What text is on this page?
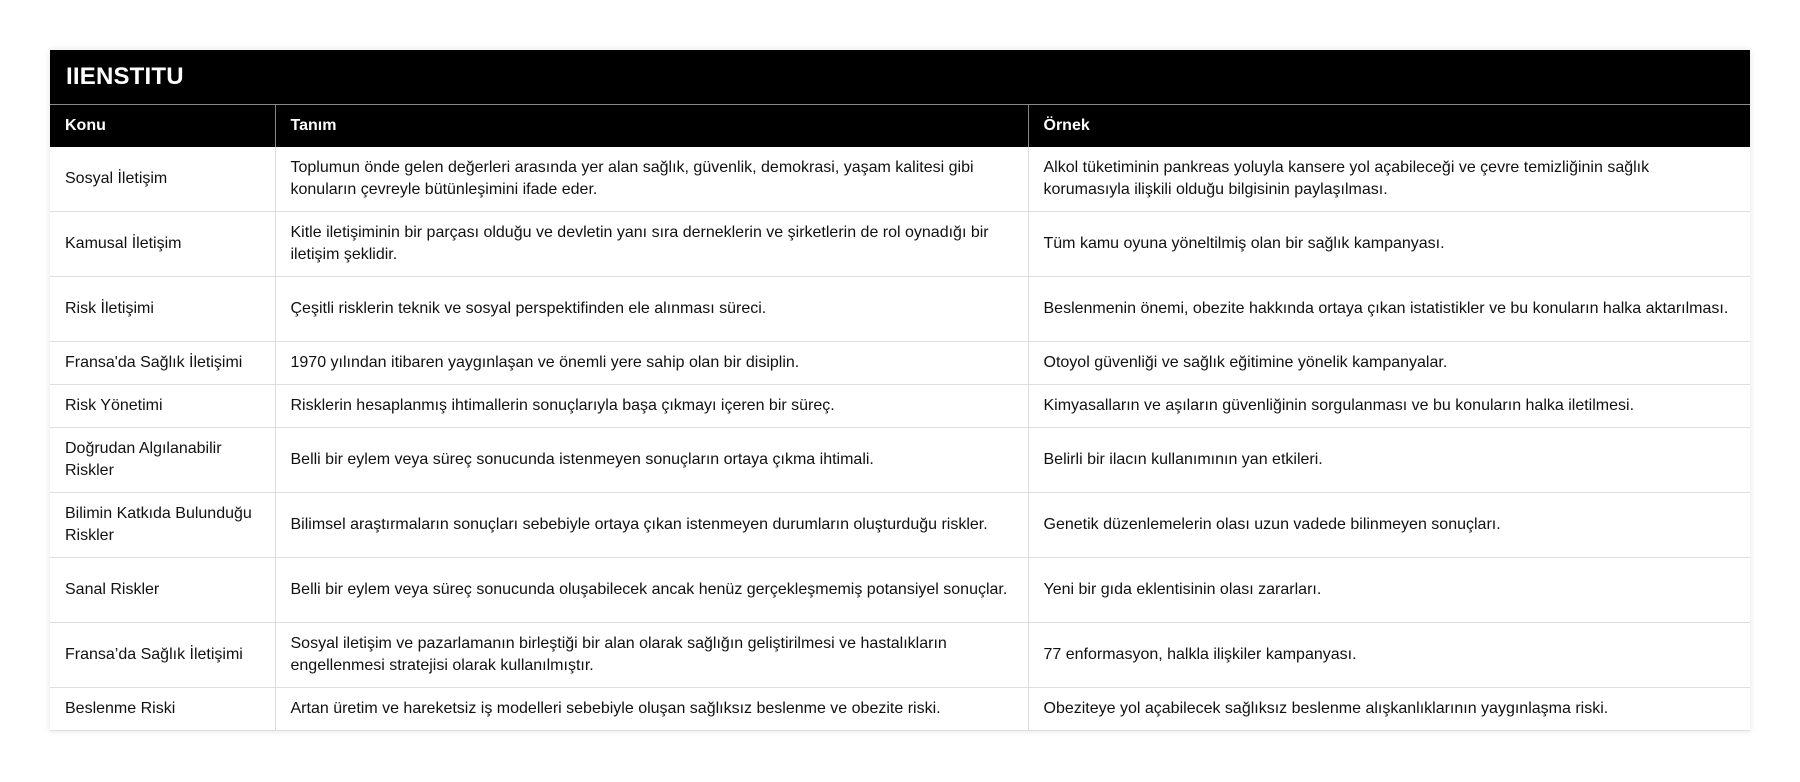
IIENSTITU
Konu	Tanım	Örnek
Sosyal İletişim	Toplumun önde gelen değerleri arasında yer alan sağlık, güvenlik, demokrasi, yaşam kalitesi gibi konuların çevreyle bütünleşimini ifade eder.	Alkol tüketiminin pankreas yoluyla kansere yol açabileceği ve çevre temizliğinin sağlık korumasıyla ilişkili olduğu bilgisinin paylaşılması.
Kamusal İletişim	Kitle iletişiminin bir parçası olduğu ve devletin yanı sıra derneklerin ve şirketlerin de rol oynadığı bir iletişim şeklidir.	Tüm kamu oyuna yöneltilmiş olan bir sağlık kampanyası.
Risk İletişimi	Çeşitli risklerin teknik ve sosyal perspektifinden ele alınması süreci.	Beslenmenin önemi, obezite hakkında ortaya çıkan istatistikler ve bu konuların halka aktarılması.
Fransa'da Sağlık İletişimi	1970 yılından itibaren yaygınlaşan ve önemli yere sahip olan bir disiplin.	Otoyol güvenliği ve sağlık eğitimine yönelik kampanyalar.
Risk Yönetimi	Risklerin hesaplanmış ihtimallerin sonuçlarıyla başa çıkmayı içeren bir süreç.	Kimyasalların ve aşıların güvenliğinin sorgulanması ve bu konuların halka iletilmesi.
Doğrudan Algılanabilir Riskler	Belli bir eylem veya süreç sonucunda istenmeyen sonuçların ortaya çıkma ihtimali.	Belirli bir ilacın kullanımının yan etkileri.
Bilimin Katkıda Bulunduğu Riskler	Bilimsel araştırmaların sonuçları sebebiyle ortaya çıkan istenmeyen durumların oluşturduğu riskler.	Genetik düzenlemelerin olası uzun vadede bilinmeyen sonuçları.
Sanal Riskler	Belli bir eylem veya süreç sonucunda oluşabilecek ancak henüz gerçekleşmemiş potansiyel sonuçlar.	Yeni bir gıda eklentisinin olası zararları.
Fransa’da Sağlık İletişimi	Sosyal iletişim ve pazarlamanın birleştiği bir alan olarak sağlığın geliştirilmesi ve hastalıkların engellenmesi stratejisi olarak kullanılmıştır.	77 enformasyon, halkla ilişkiler kampanyası.
Beslenme Riski	Artan üretim ve hareketsiz iş modelleri sebebiyle oluşan sağlıksız beslenme ve obezite riski.	Obeziteye yol açabilecek sağlıksız beslenme alışkanlıklarının yaygınlaşma riski.
